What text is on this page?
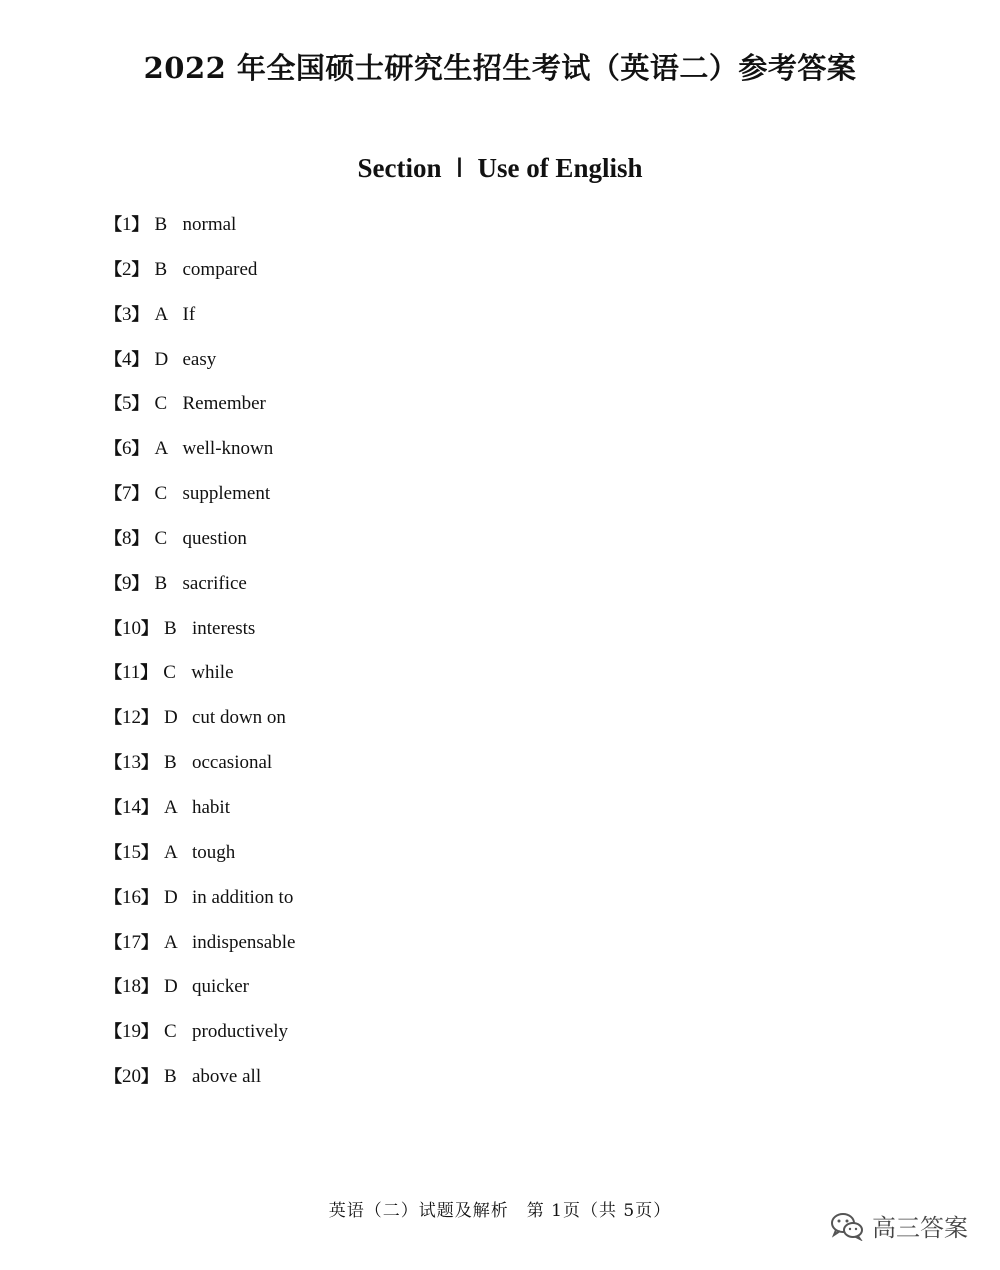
2022 年全国硕士研究生招生考试（英语二）参考答案
Section Ⅰ Use of English
【1】 B normal
【2】 B compared
【3】 A If
【4】 D easy
【5】 C Remember
【6】 A well-known
【7】 C supplement
【8】 C question
【9】 B sacrifice
【10】 B interests
【11】 C while
【12】 D cut down on
【13】 B occasional
【14】 A habit
【15】 A tough
【16】 D in addition to
【17】 A indispensable
【18】 D quicker
【19】 C productively
【20】 B above all
英语（二）试题及解析　第 1页（共 5页）
高三答案
